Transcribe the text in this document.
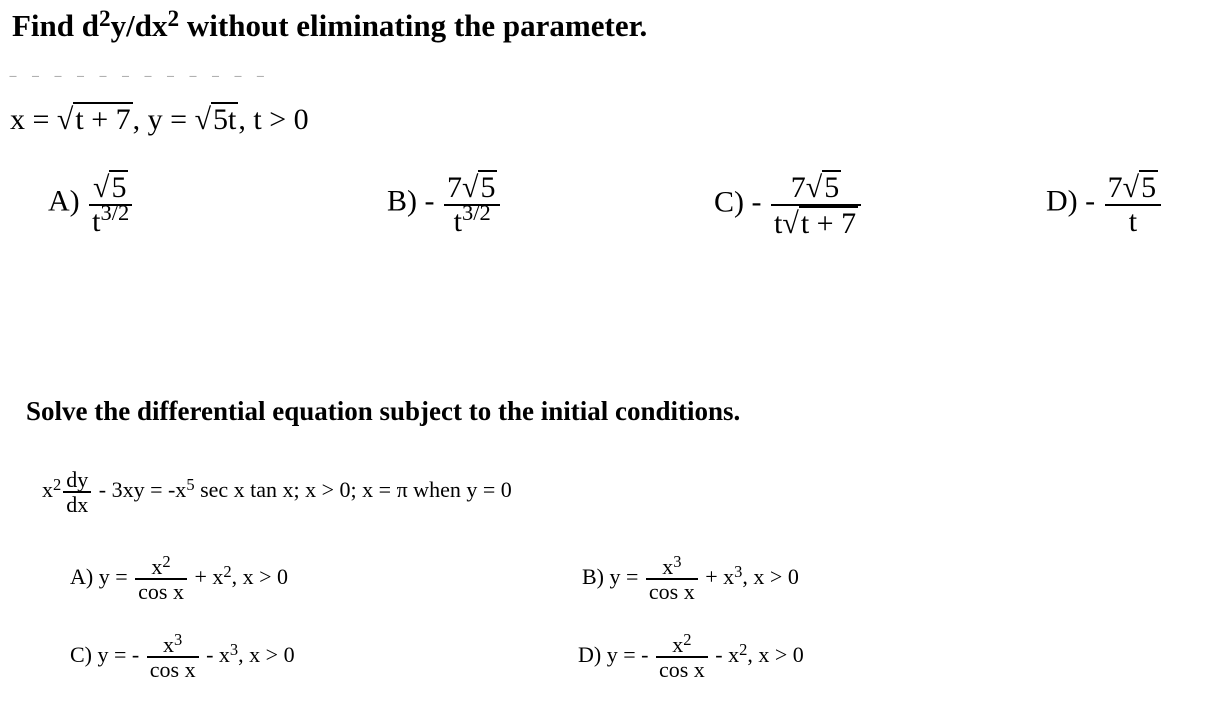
Find $d^2y/dx^2$ without eliminating the parameter.
‾ ‾ ‾ ‾ ‾ ‾ ‾ ‾ ‾ ‾ ‾ ‾
x = √t + 7, y = √5t, t > 0
$A) \frac{√5}{t^{3/2}}$	$B) - \frac{7√5}{t^{3/2}}$	$C) - \frac{7√5}{t√t + 7}$	$D) - \frac{7√5}{t}$
Solve the differential equation subject to the initial conditions.
$x^2 \frac{dy}{dx} - 3xy = -x^5$ sec x tan x; x > 0; x = π when y = 0
A) $y = \frac{x^2}{\text{cos x}} + x^2$, x > 0	B) $y = \frac{x^3}{\text{cos x}} + x^3$, x > 0
C) y = - $\frac{x^3}{\text{cos x}} - x^3$, x > 0	D) y = - $\frac{x^2}{\text{cos x}} - x^2$, x > 0
